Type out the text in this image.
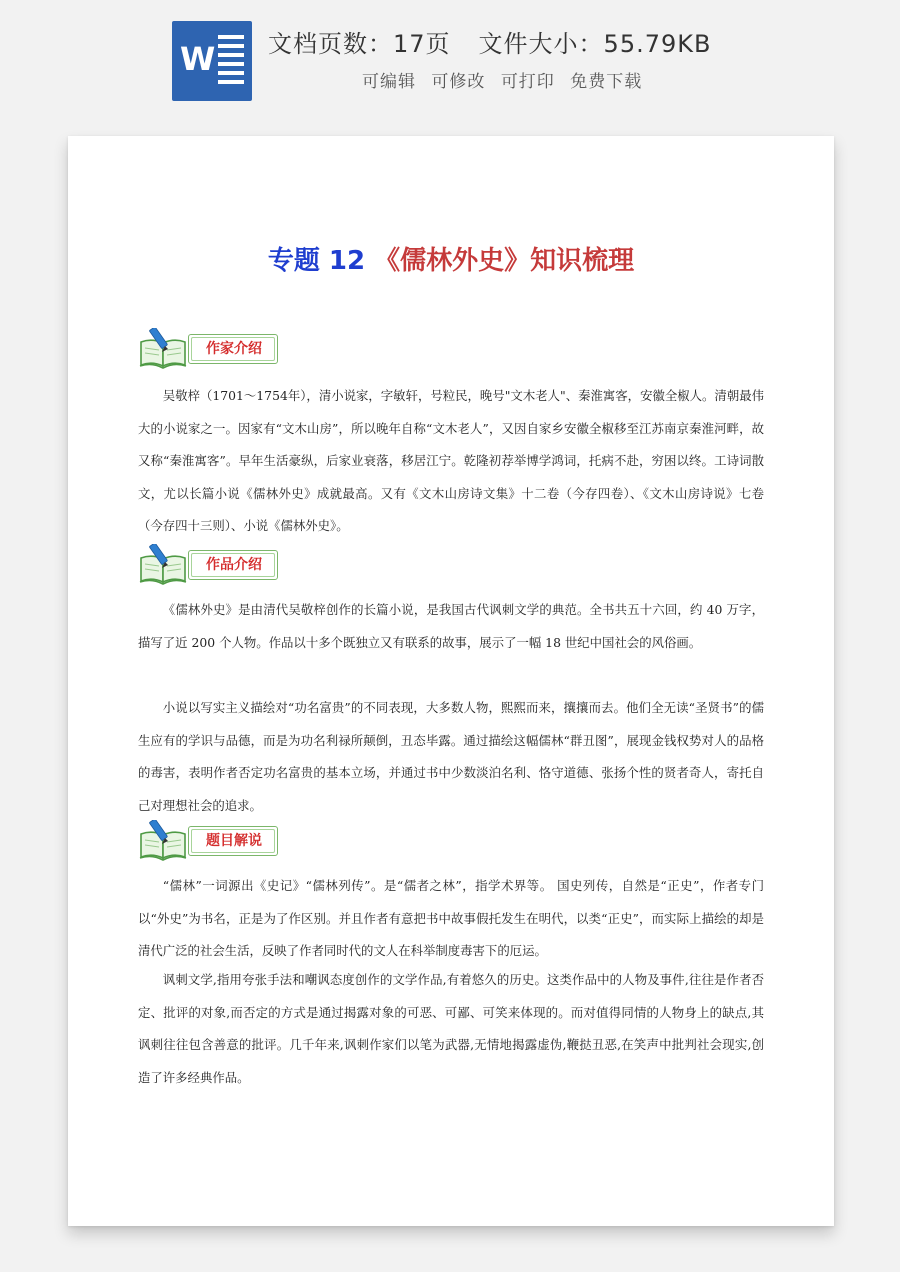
W 文档页数：17页 文件大小：55.79KB
可编辑 可修改 可打印 免费下载
专题 12 《儒林外史》知识梳理
作家介绍

吴敬梓（1701～1754年），清小说家，字敏轩，号粒民，晚号"文木老人"、秦淮寓客，安徽全椒人。清朝最伟大的小说家之一。因家有“文木山房”，所以晚年自称“文木老人”，又因自家乡安徽全椒移至江苏南京秦淮河畔，故又称“秦淮寓客”。早年生活豪纵，后家业衰落，移居江宁。乾隆初荐举博学鸿词，托病不赴，穷困以终。工诗词散文，尤以长篇小说《儒林外史》成就最高。又有《文木山房诗文集》十二卷（今存四卷）、《文木山房诗说》七卷（今存四十三则）、小说《儒林外史》。

作品介绍

《儒林外史》是由清代吴敬梓创作的长篇小说，是我国古代讽刺文学的典范。全书共五十六回，约 40 万字，描写了近 200 个人物。作品以十多个既独立又有联系的故事，展示了一幅 18 世纪中国社会的风俗画。

小说以写实主义描绘对“功名富贵”的不同表现，大多数人物，熙熙而来，攘攘而去。他们全无读“圣贤书”的儒生应有的学识与品德，而是为功名利禄所颠倒，丑态毕露。通过描绘这幅儒林“群丑图”，展现金钱权势对人的品格的毒害，表明作者否定功名富贵的基本立场，并通过书中少数淡泊名利、恪守道德、张扬个性的贤者奇人，寄托自己对理想社会的追求。

题目解说

“儒林”一词源出《史记》“儒林列传”。是“儒者之林”，指学术界等。 国史列传，自然是“正史”，作者专门以“外史”为书名，正是为了作区别。并且作者有意把书中故事假托发生在明代，以类“正史”，而实际上描绘的却是清代广泛的社会生活，反映了作者同时代的文人在科举制度毒害下的厄运。

讽刺文学,指用夸张手法和嘲讽态度创作的文学作品,有着悠久的历史。这类作品中的人物及事件,往往是作者否定、批评的对象,而否定的方式是通过揭露对象的可恶、可鄙、可笑来体现的。而对值得同情的人物身上的缺点,其讽刺往往包含善意的批评。几千年来,讽刺作家们以笔为武器,无情地揭露虚伪,鞭挞丑恶,在笑声中批判社会现实,创造了许多经典作品。
